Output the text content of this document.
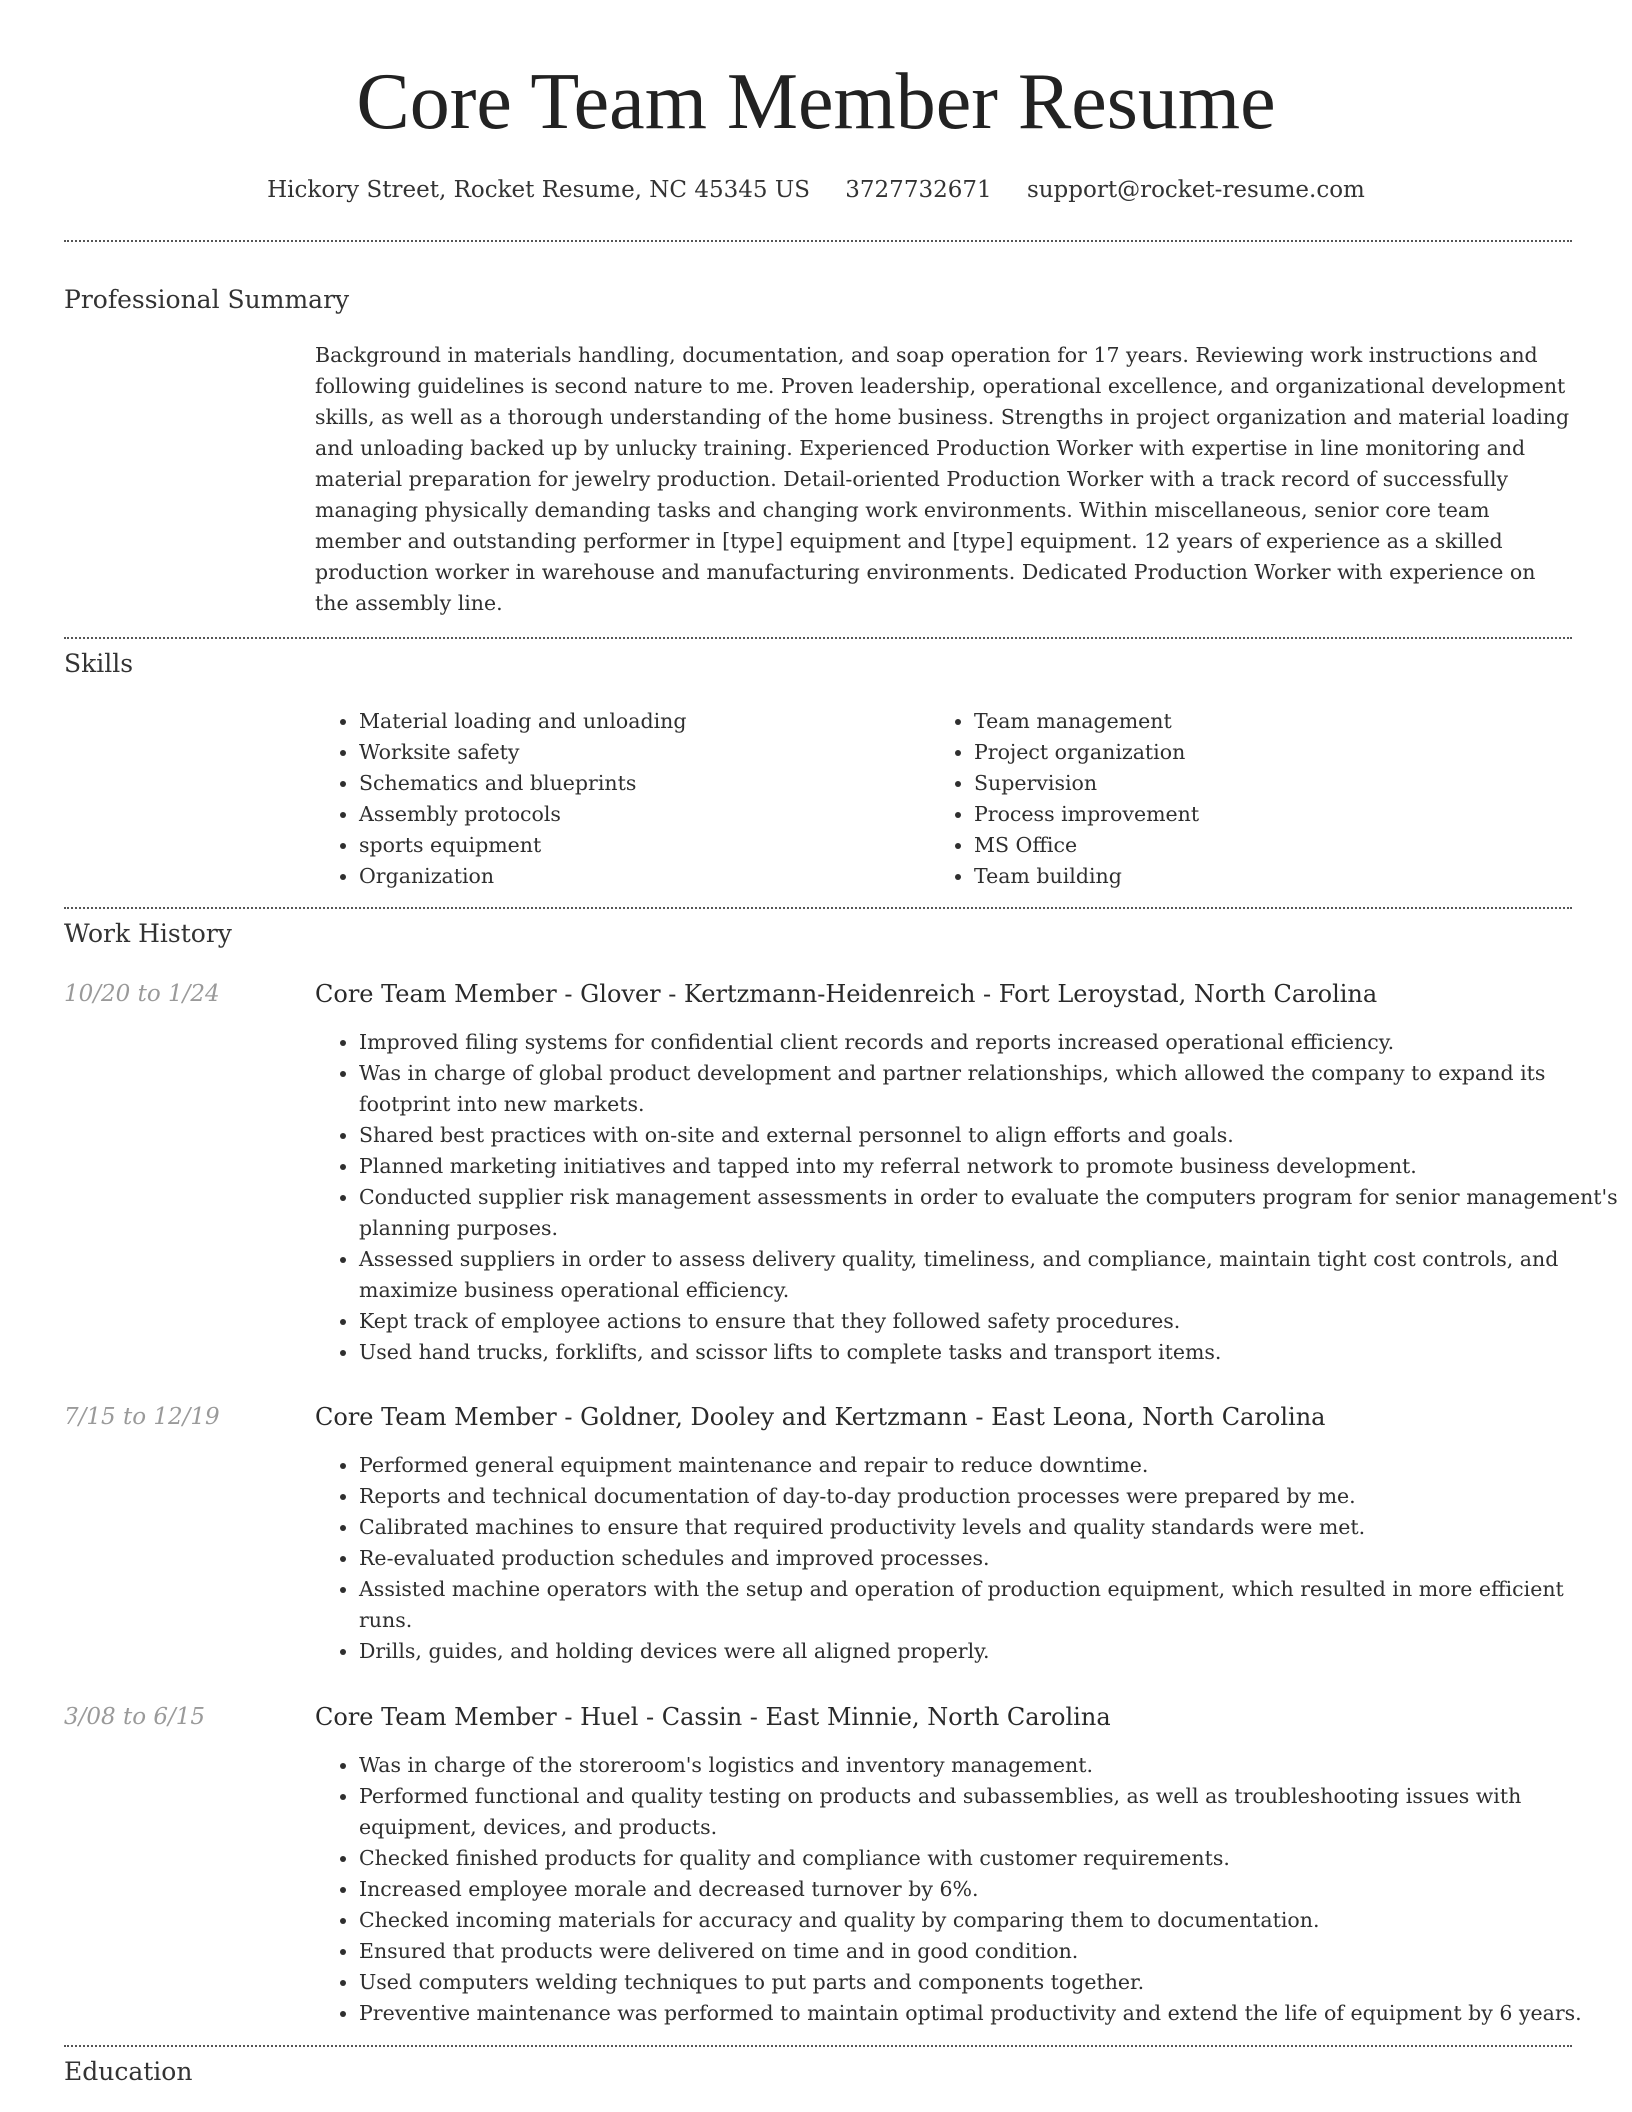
Core Team Member Resume
Hickory Street, Rocket Resume, NC 45345 US 3727732671 support@rocket-resume.com
Professional Summary

Background in materials handling, documentation, and soap operation for 17 years. Reviewing work instructions and following guidelines is second nature to me. Proven leadership, operational excellence, and organizational development skills, as well as a thorough understanding of the home business. Strengths in project organization and material loading and unloading backed up by unlucky training. Experienced Production Worker with expertise in line monitoring and material preparation for jewelry production. Detail-oriented Production Worker with a track record of successfully managing physically demanding tasks and changing work environments. Within miscellaneous, senior core team member and outstanding performer in [type] equipment and [type] equipment. 12 years of experience as a skilled production worker in warehouse and manufacturing environments. Dedicated Production Worker with experience on the assembly line.

Skills
• Material loading and unloading
• Worksite safety
• Schematics and blueprints
• Assembly protocols
• sports equipment
• Organization
• Team management
• Project organization
• Supervision
• Process improvement
• MS Office
• Team building
Work History
10/20 to 1/24	Core Team Member - Glover - Kertzmann-Heidenreich - Fort Leroystad, North Carolina
• Improved filing systems for confidential client records and reports increased operational efficiency.
• Was in charge of global product development and partner relationships, which allowed the company to expand its footprint into new markets.
• Shared best practices with on-site and external personnel to align efforts and goals.
• Planned marketing initiatives and tapped into my referral network to promote business development.
• Conducted supplier risk management assessments in order to evaluate the computers program for senior management's planning purposes.
• Assessed suppliers in order to assess delivery quality, timeliness, and compliance, maintain tight cost controls, and maximize business operational efficiency.
• Kept track of employee actions to ensure that they followed safety procedures.
• Used hand trucks, forklifts, and scissor lifts to complete tasks and transport items.
7/15 to 12/19	Core Team Member - Goldner, Dooley and Kertzmann - East Leona, North Carolina
• Performed general equipment maintenance and repair to reduce downtime.
• Reports and technical documentation of day-to-day production processes were prepared by me.
• Calibrated machines to ensure that required productivity levels and quality standards were met.
• Re-evaluated production schedules and improved processes.
• Assisted machine operators with the setup and operation of production equipment, which resulted in more efficient runs.
• Drills, guides, and holding devices were all aligned properly.
3/08 to 6/15	Core Team Member - Huel - Cassin - East Minnie, North Carolina
• Was in charge of the storeroom's logistics and inventory management.
• Performed functional and quality testing on products and subassemblies, as well as troubleshooting issues with equipment, devices, and products.
• Checked finished products for quality and compliance with customer requirements.
• Increased employee morale and decreased turnover by 6%.
• Checked incoming materials for accuracy and quality by comparing them to documentation.
• Ensured that products were delivered on time and in good condition.
• Used computers welding techniques to put parts and components together.
• Preventive maintenance was performed to maintain optimal productivity and extend the life of equipment by 6 years.
Education
